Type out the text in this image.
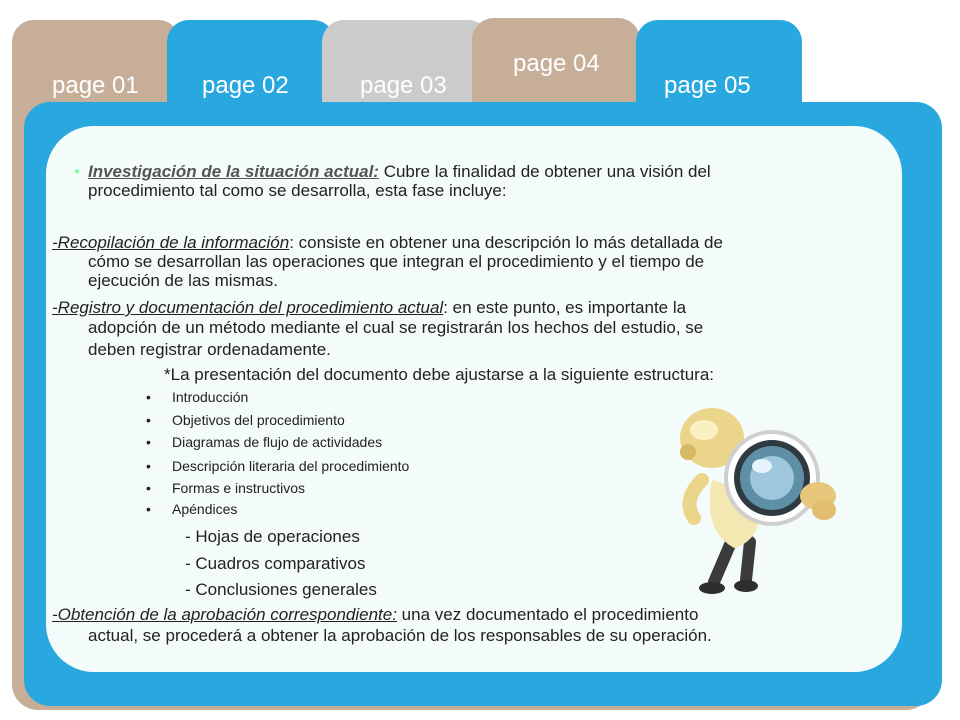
page 01	page 02	page 03
page 04
page 05
• Investigación de la situación actual: Cubre la finalidad de obtener una visión del
procedimiento tal como se desarrolla, esta fase incluye:
-Recopilación de la información: consiste en obtener una descripción lo más detallada de
cómo se desarrollan las operaciones que integran el procedimiento y el tiempo de
ejecución de las mismas.
-Registro y documentación del procedimiento actual: en este punto, es importante la
adopción de un método mediante el cual se registrarán los hechos del estudio, se
deben registrar ordenadamente.
*La presentación del documento debe ajustarse a la siguiente estructura:
• Introducción
• Objetivos del procedimiento
• Diagramas de flujo de actividades
• Descripción literaria del procedimiento
• Formas e instructivos
• Apéndices
- Hojas de operaciones
- Cuadros comparativos
- Conclusiones generales
-Obtención de la aprobación correspondiente: una vez documentado el procedimiento
actual, se procederá a obtener la aprobación de los responsables de su operación.
